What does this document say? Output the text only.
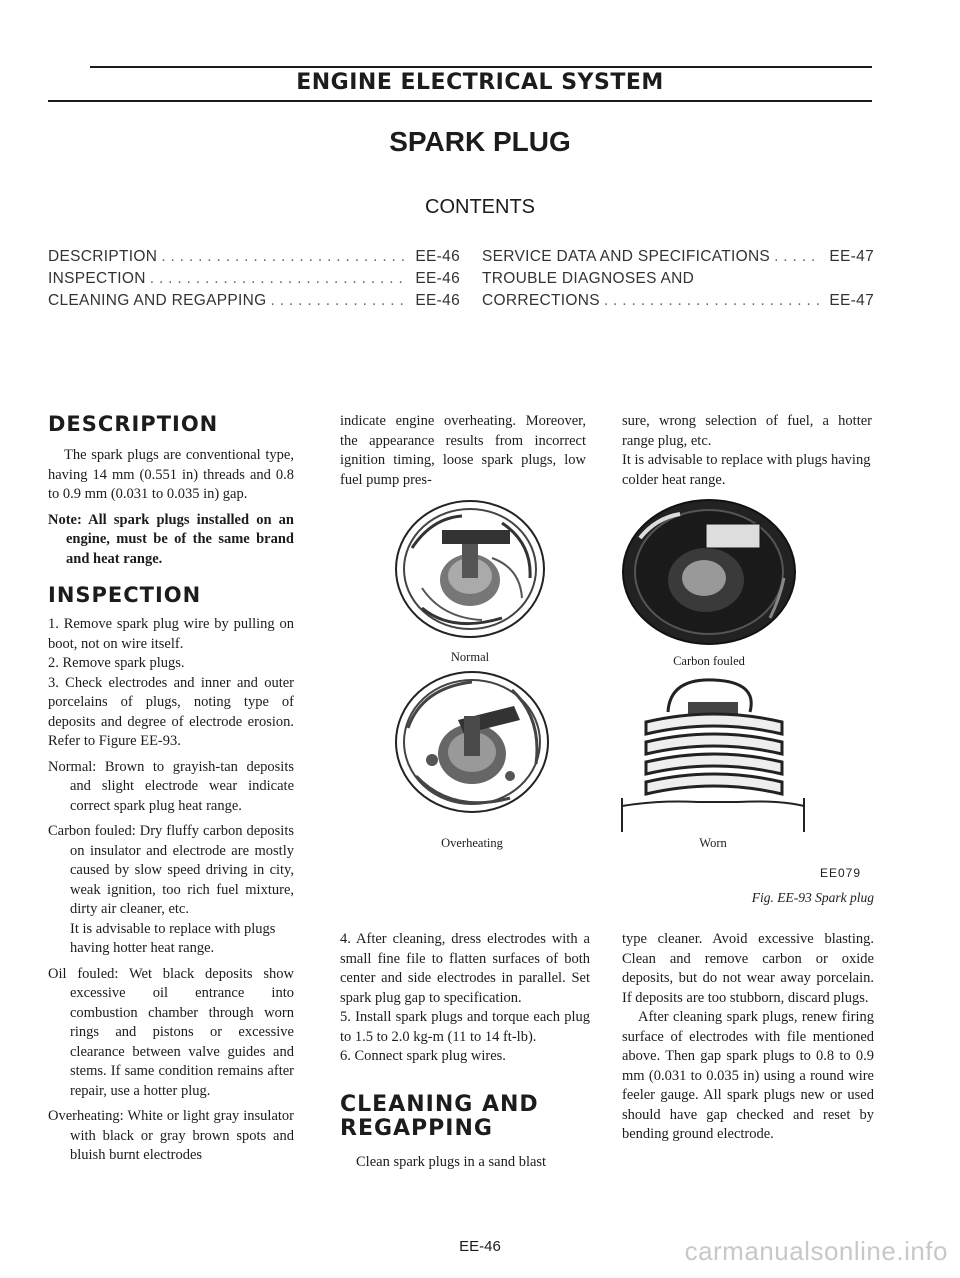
ENGINE ELECTRICAL SYSTEM
SPARK PLUG
CONTENTS
DESCRIPTION . . .	EE-46
INSPECTION . . .	EE-46
CLEANING AND REGAPPING . . .	EE-46
SERVICE DATA AND SPECIFICATIONS . . .	EE-47
TROUBLE DIAGNOSES AND
CORRECTIONS . . .	EE-47
DESCRIPTION

The spark plugs are conventional type, having 14 mm (0.551 in) threads and 0.8 to 0.9 mm (0.031 to 0.035 in) gap.

Note: All spark plugs installed on an engine, must be of the same brand and heat range.

INSPECTION

1. Remove spark plug wire by pulling on boot, not on wire itself.

2. Remove spark plugs.

3. Check electrodes and inner and outer porcelains of plugs, noting type of deposits and degree of electrode erosion. Refer to Figure EE-93.

Normal: Brown to grayish-tan deposits and slight electrode wear indicate correct spark plug heat range.

Carbon fouled: Dry fluffy carbon deposits on insulator and electrode are mostly caused by slow speed driving in city, weak ignition, too rich fuel mixture, dirty air cleaner, etc.

It is advisable to replace with plugs having hotter heat range.

Oil fouled: Wet black deposits show excessive oil entrance into combustion chamber through worn rings and pistons or excessive clearance between valve guides and stems. If same condition remains after repair, use a hotter plug.

Overheating: White or light gray insulator with black or gray brown spots and bluish burnt electrodes

indicate engine overheating. Moreover, the appearance results from incorrect ignition timing, loose spark plugs, low fuel pump pres-

sure, wrong selection of fuel, a hotter range plug, etc.

It is advisable to replace with plugs having colder heat range.

Normal
Overheating
Carbon fouled
Worn
EE079
Fig. EE-93 Spark plug

4. After cleaning, dress electrodes with a small fine file to flatten surfaces of both center and side electrodes in parallel. Set spark plug gap to specification.

5. Install spark plugs and torque each plug to 1.5 to 2.0 kg-m (11 to 14 ft-lb).

6. Connect spark plug wires.

CLEANING AND
REGAPPING

Clean spark plugs in a sand blast

type cleaner. Avoid excessive blasting. Clean and remove carbon or oxide deposits, but do not wear away porcelain. If deposits are too stubborn, discard plugs.

After cleaning spark plugs, renew firing surface of electrodes with file mentioned above. Then gap spark plugs to 0.8 to 0.9 mm (0.031 to 0.035 in) using a round wire feeler gauge. All spark plugs new or used should have gap checked and reset by bending ground electrode.

EE-46	carmanualsonline.info
